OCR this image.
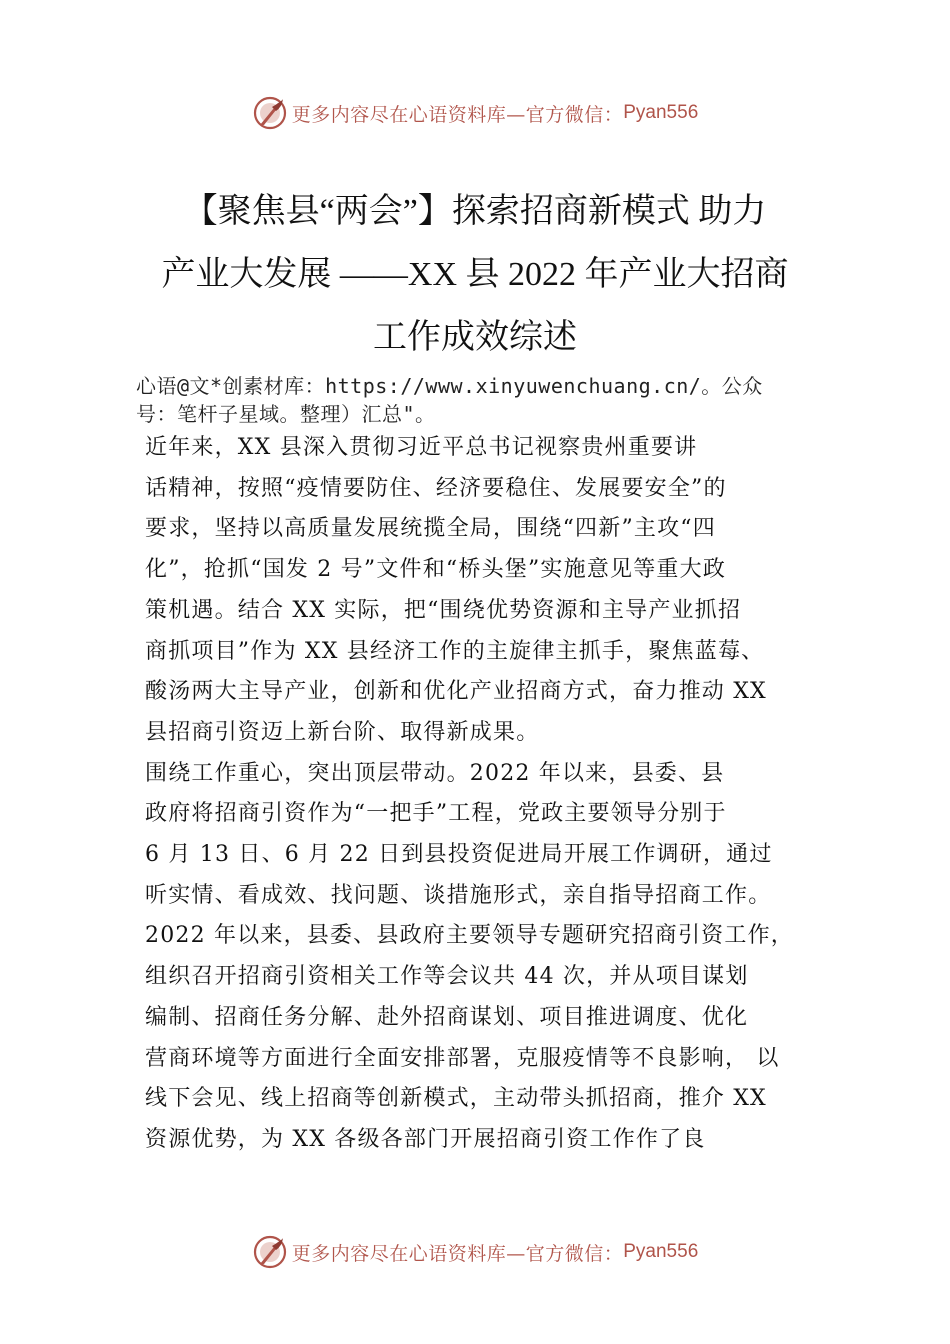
更多内容尽在心语资料库—官方微信： Pyan556
【聚焦县“两会”】探索招商新模式 助力
产业大发展 ——XX 县 2022 年产业大招商
工作成效综述
心语@文*创素材库：https://www.xinyuwenchuang.cn/。公众
号：笔杆子星域。整理）汇总"。
近年来，XX 县深入贯彻习近平总书记视察贵州重要讲
话精神，按照“疫情要防住、经济要稳住、发展要安全”的
要求，坚持以高质量发展统揽全局，围绕“四新”主攻“四
化”，抢抓“国发 2 号”文件和“桥头堡”实施意见等重大政
策机遇。结合 XX 实际，把“围绕优势资源和主导产业抓招
商抓项目”作为 XX 县经济工作的主旋律主抓手，聚焦蓝莓、
酸汤两大主导产业，创新和优化产业招商方式，奋力推动 XX
县招商引资迈上新台阶、取得新成果。
围绕工作重心，突出顶层带动。2022 年以来，县委、县
政府将招商引资作为“一把手”工程，党政主要领导分别于
6 月 13 日、6 月 22 日到县投资促进局开展工作调研，通过
听实情、看成效、找问题、谈措施形式，亲自指导招商工作。
2022 年以来，县委、县政府主要领导专题研究招商引资工作，
组织召开招商引资相关工作等会议共 44 次，并从项目谋划
编制、招商任务分解、赴外招商谋划、项目推进调度、优化
营商环境等方面进行全面安排部署，克服疫情等不良影响， 以
线下会见、线上招商等创新模式，主动带头抓招商，推介 XX
资源优势，为 XX 各级各部门开展招商引资工作作了良
更多内容尽在心语资料库—官方微信： Pyan556
